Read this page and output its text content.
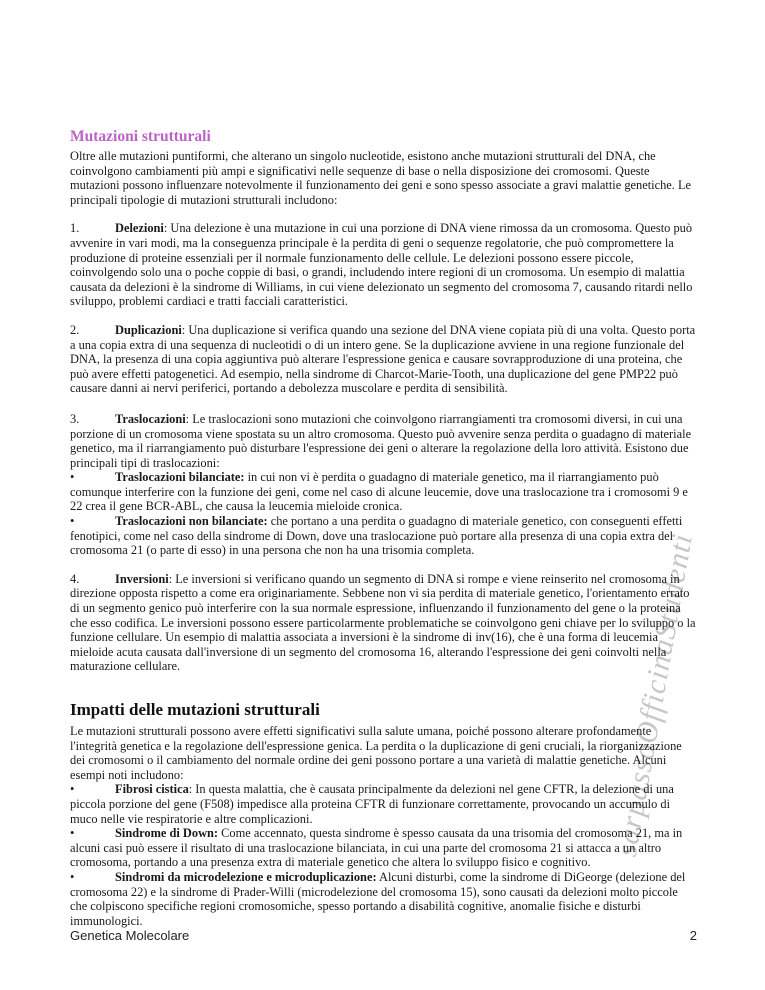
sarpassoOfficinaStudenti
Mutazioni strutturali

Oltre alle mutazioni puntiformi, che alterano un singolo nucleotide, esistono anche mutazioni strutturali del DNA, che coinvolgono cambiamenti più ampi e significativi nelle sequenze di base o nella disposizione dei cromosomi. Queste mutazioni possono influenzare notevolmente il funzionamento dei geni e sono spesso associate a gravi malattie genetiche. Le principali tipologie di mutazioni strutturali includono:

1.	Delezioni: Una delezione è una mutazione in cui una porzione di DNA viene rimossa da un cromosoma. Questo può avvenire in vari modi, ma la conseguenza principale è la perdita di geni o sequenze regolatorie, che può compromettere la produzione di proteine essenziali per il normale funzionamento delle cellule. Le delezioni possono essere piccole, coinvolgendo solo una o poche coppie di basi, o grandi, includendo intere regioni di un cromosoma. Un esempio di malattia causata da delezioni è la sindrome di Williams, in cui viene delezionato un segmento del cromosoma 7, causando ritardi nello sviluppo, problemi cardiaci e tratti facciali caratteristici.

2.	Duplicazioni: Una duplicazione si verifica quando una sezione del DNA viene copiata più di una volta. Questo porta a una copia extra di una sequenza di nucleotidi o di un intero gene. Se la duplicazione avviene in una regione funzionale del DNA, la presenza di una copia aggiuntiva può alterare l'espressione genica e causare sovrapproduzione di una proteina, che può avere effetti patogenetici. Ad esempio, nella sindrome di Charcot-Marie-Tooth, una duplicazione del gene PMP22 può causare danni ai nervi periferici, portando a debolezza muscolare e perdita di sensibilità.

3.	Traslocazioni: Le traslocazioni sono mutazioni che coinvolgono riarrangiamenti tra cromosomi diversi, in cui una porzione di un cromosoma viene spostata su un altro cromosoma. Questo può avvenire senza perdita o guadagno di materiale genetico, ma il riarrangiamento può disturbare l'espressione dei geni o alterare la regolazione della loro attività. Esistono due principali tipi di traslocazioni:

•	Traslocazioni bilanciate: in cui non vi è perdita o guadagno di materiale genetico, ma il riarrangiamento può comunque interferire con la funzione dei geni, come nel caso di alcune leucemie, dove una traslocazione tra i cromosomi 9 e 22 crea il gene BCR-ABL, che causa la leucemia mieloide cronica.

•	Traslocazioni non bilanciate: che portano a una perdita o guadagno di materiale genetico, con conseguenti effetti fenotipici, come nel caso della sindrome di Down, dove una traslocazione può portare alla presenza di una copia extra del cromosoma 21 (o parte di esso) in una persona che non ha una trisomia completa.

4.	Inversioni: Le inversioni si verificano quando un segmento di DNA si rompe e viene reinserito nel cromosoma in direzione opposta rispetto a come era originariamente. Sebbene non vi sia perdita di materiale genetico, l'orientamento errato di un segmento genico può interferire con la sua normale espressione, influenzando il funzionamento del gene o la proteina che esso codifica. Le inversioni possono essere particolarmente problematiche se coinvolgono geni chiave per lo sviluppo o la funzione cellulare. Un esempio di malattia associata a inversioni è la sindrome di inv(16), che è una forma di leucemia mieloide acuta causata dall'inversione di un segmento del cromosoma 16, alterando l'espressione dei geni coinvolti nella maturazione cellulare.

Impatti delle mutazioni strutturali

Le mutazioni strutturali possono avere effetti significativi sulla salute umana, poiché possono alterare profondamente l'integrità genetica e la regolazione dell'espressione genica. La perdita o la duplicazione di geni cruciali, la riorganizzazione dei cromosomi o il cambiamento del normale ordine dei geni possono portare a una varietà di malattie genetiche. Alcuni esempi noti includono:

•	Fibrosi cistica: In questa malattia, che è causata principalmente da delezioni nel gene CFTR, la delezione di una piccola porzione del gene (F508) impedisce alla proteina CFTR di funzionare correttamente, provocando un accumulo di muco nelle vie respiratorie e altre complicazioni.

•	Sindrome di Down: Come accennato, questa sindrome è spesso causata da una trisomia del cromosoma 21, ma in alcuni casi può essere il risultato di una traslocazione bilanciata, in cui una parte del cromosoma 21 si attacca a un altro cromosoma, portando a una presenza extra di materiale genetico che altera lo sviluppo fisico e cognitivo.

•	Sindromi da microdelezione e microduplicazione: Alcuni disturbi, come la sindrome di DiGeorge (delezione del cromosoma 22) e la sindrome di Prader-Willi (microdelezione del cromosoma 15), sono causati da delezioni molto piccole che colpiscono specifiche regioni cromosomiche, spesso portando a disabilità cognitive, anomalie fisiche e disturbi immunologici.

Genetica Molecolare	2
